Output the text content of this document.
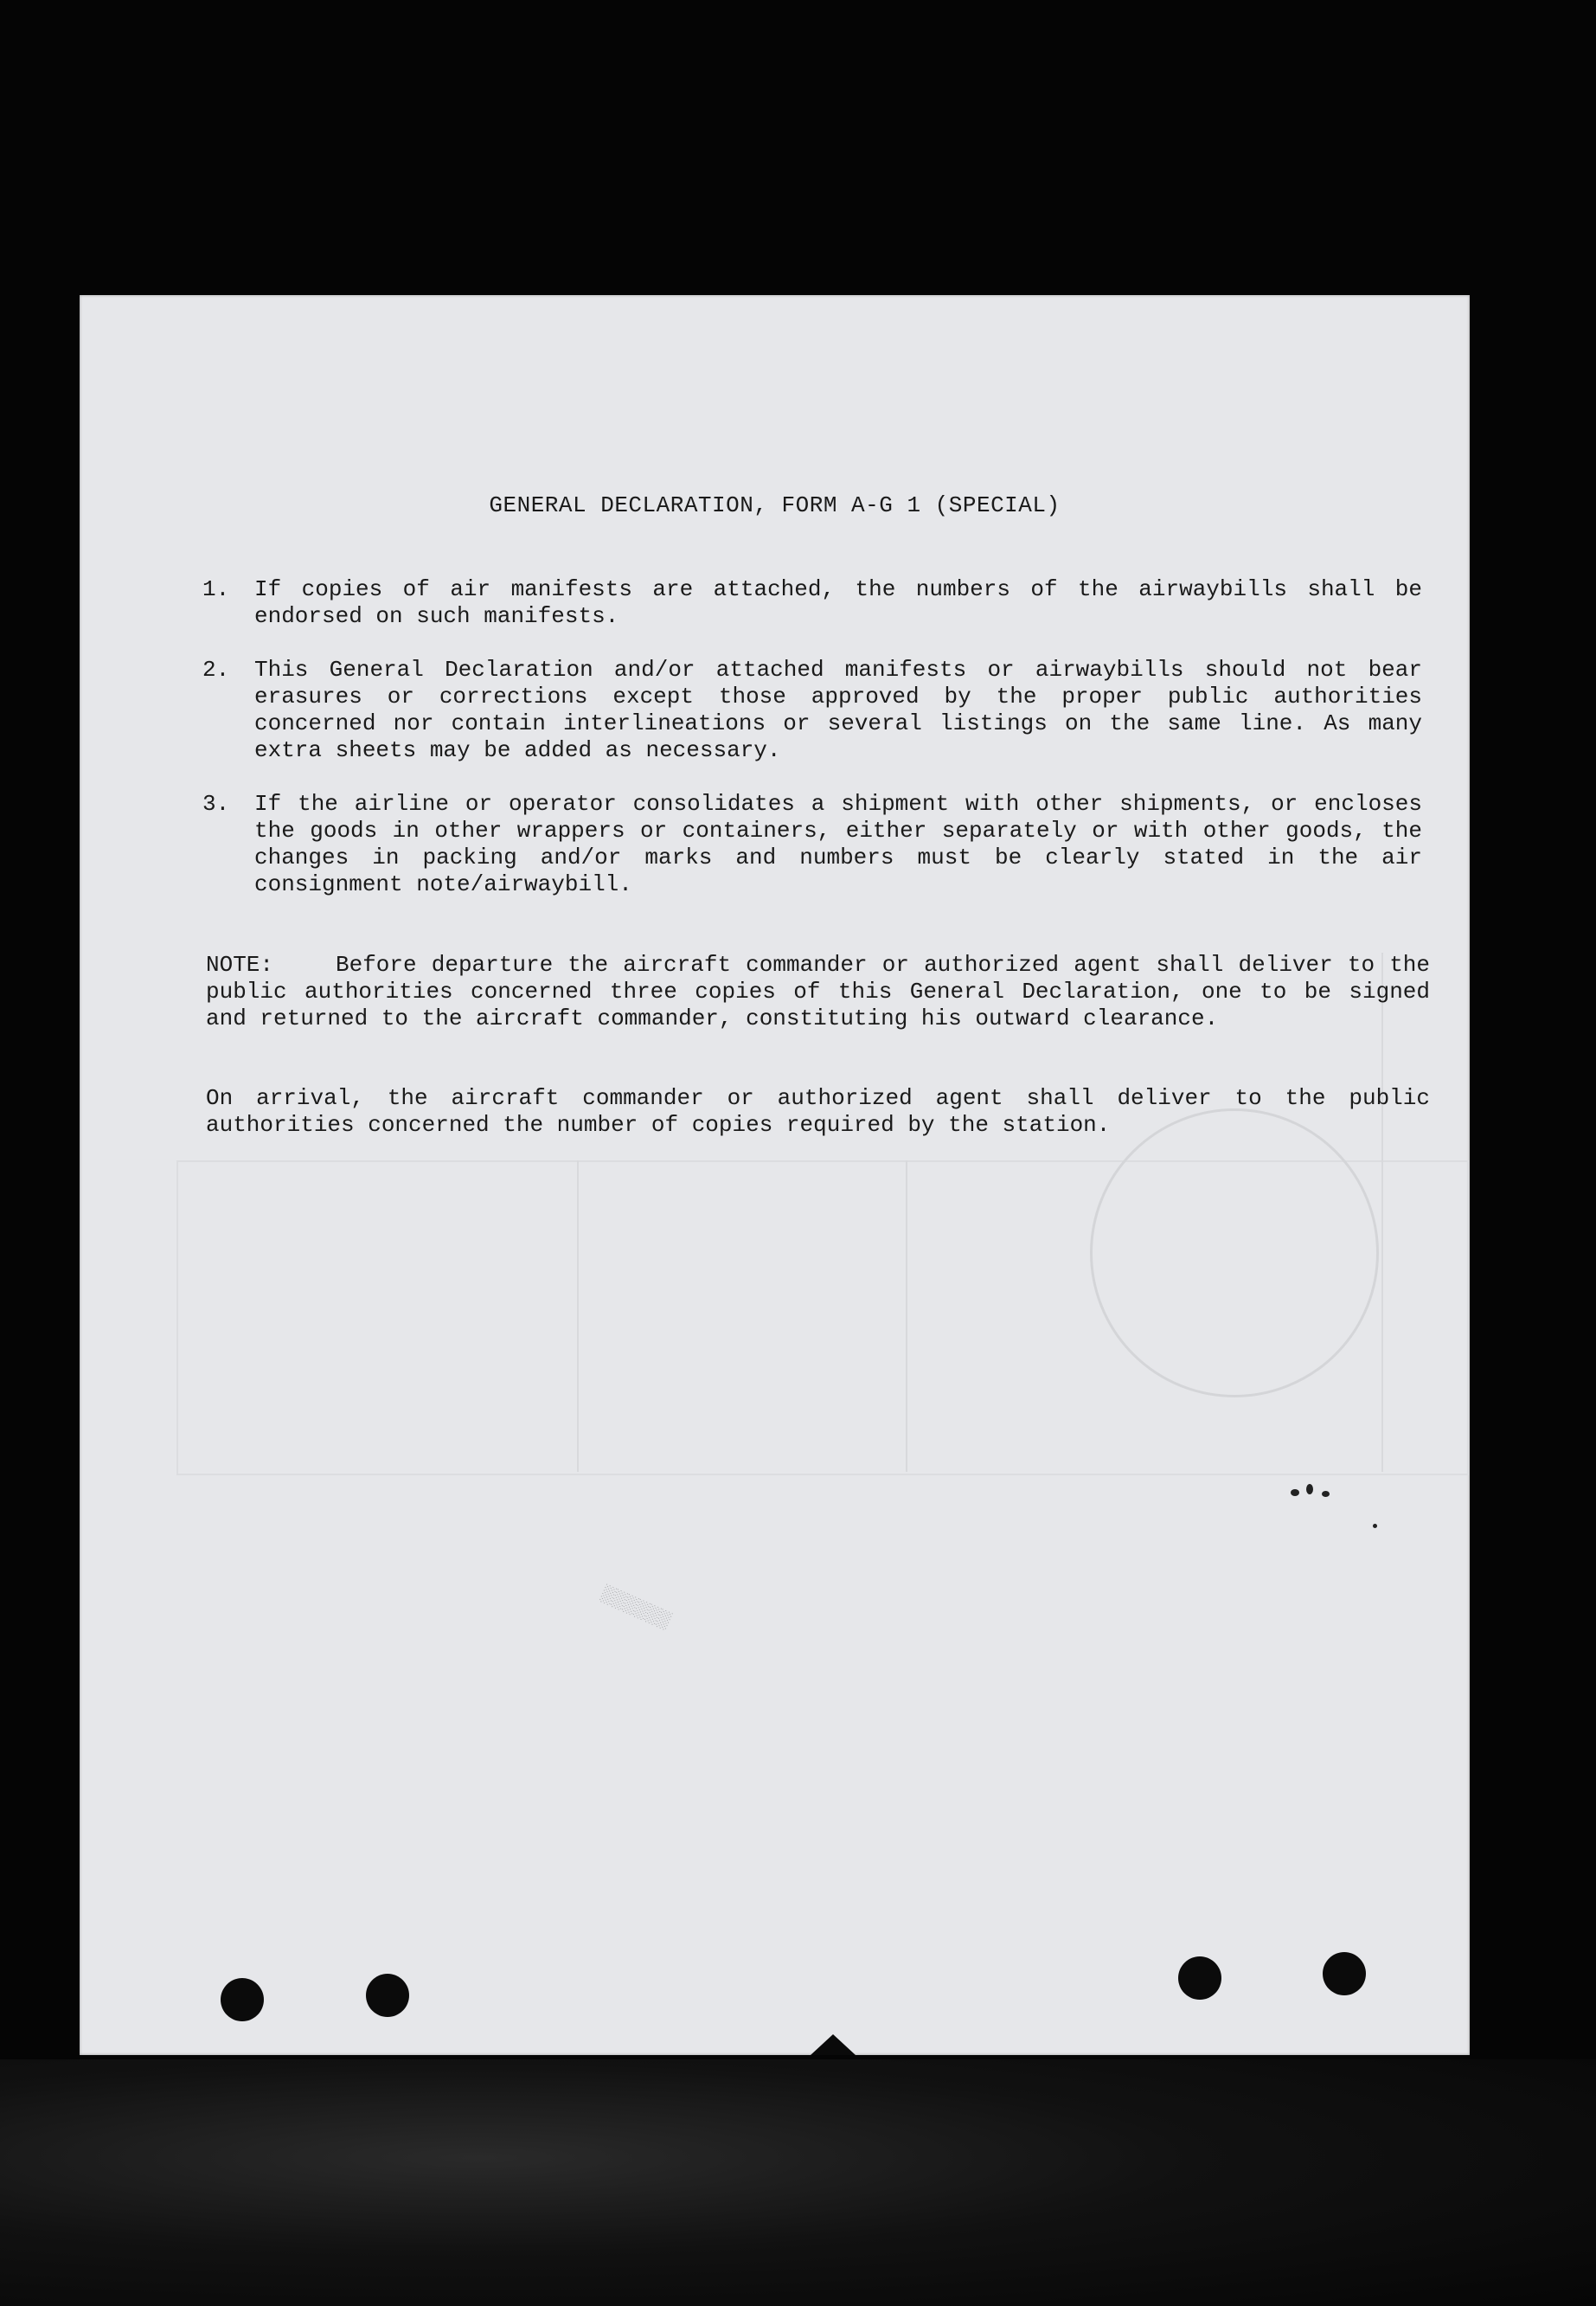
GENERAL DECLARATION, FORM A-G 1 (SPECIAL)
1. If copies of air manifests are attached, the numbers of the airwaybills shall be endorsed on such manifests.
2. This General Declaration and/or attached manifests or airwaybills should not bear erasures or corrections except those approved by the proper public authorities concerned nor contain interlineations or several listings on the same line. As many extra sheets may be added as necessary.
3. If the airline or operator consolidates a shipment with other shipments, or encloses the goods in other wrappers or containers, either separately or with other goods, the changes in packing and/or marks and numbers must be clearly stated in the air consignment note/airwaybill.
NOTE:	Before departure the aircraft commander or authorized agent shall deliver to the public authorities concerned three copies of this General Declaration, one to be signed and returned to the aircraft commander, constituting his outward clearance.
On arrival, the aircraft commander or authorized agent shall deliver to the public authorities concerned the number of copies required by the station.
░░░░░░
